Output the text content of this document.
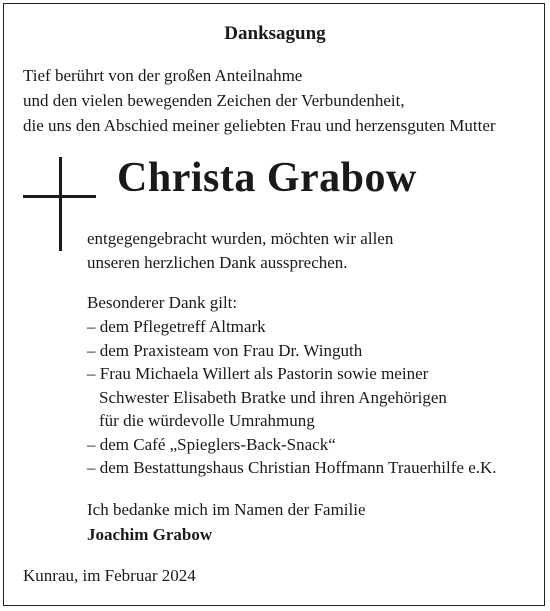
Danksagung
Tief berührt von der großen Anteilnahme
und den vielen bewegenden Zeichen der Verbundenheit,
die uns den Abschied meiner geliebten Frau und herzensguten Mutter
Christa Grabow
entgegengebracht wurden, möchten wir allen
unseren herzlichen Dank aussprechen.
Besonderer Dank gilt:
– dem Pflegetreff Altmark
– dem Praxisteam von Frau Dr. Winguth
– Frau Michaela Willert als Pastorin sowie meiner
Schwester Elisabeth Bratke und ihren Angehörigen
für die würdevolle Umrahmung
– dem Café „Spieglers-Back-Snack“
– dem Bestattungshaus Christian Hoffmann Trauerhilfe e.K.
Ich bedanke mich im Namen der Familie
Joachim Grabow
Kunrau, im Februar 2024
